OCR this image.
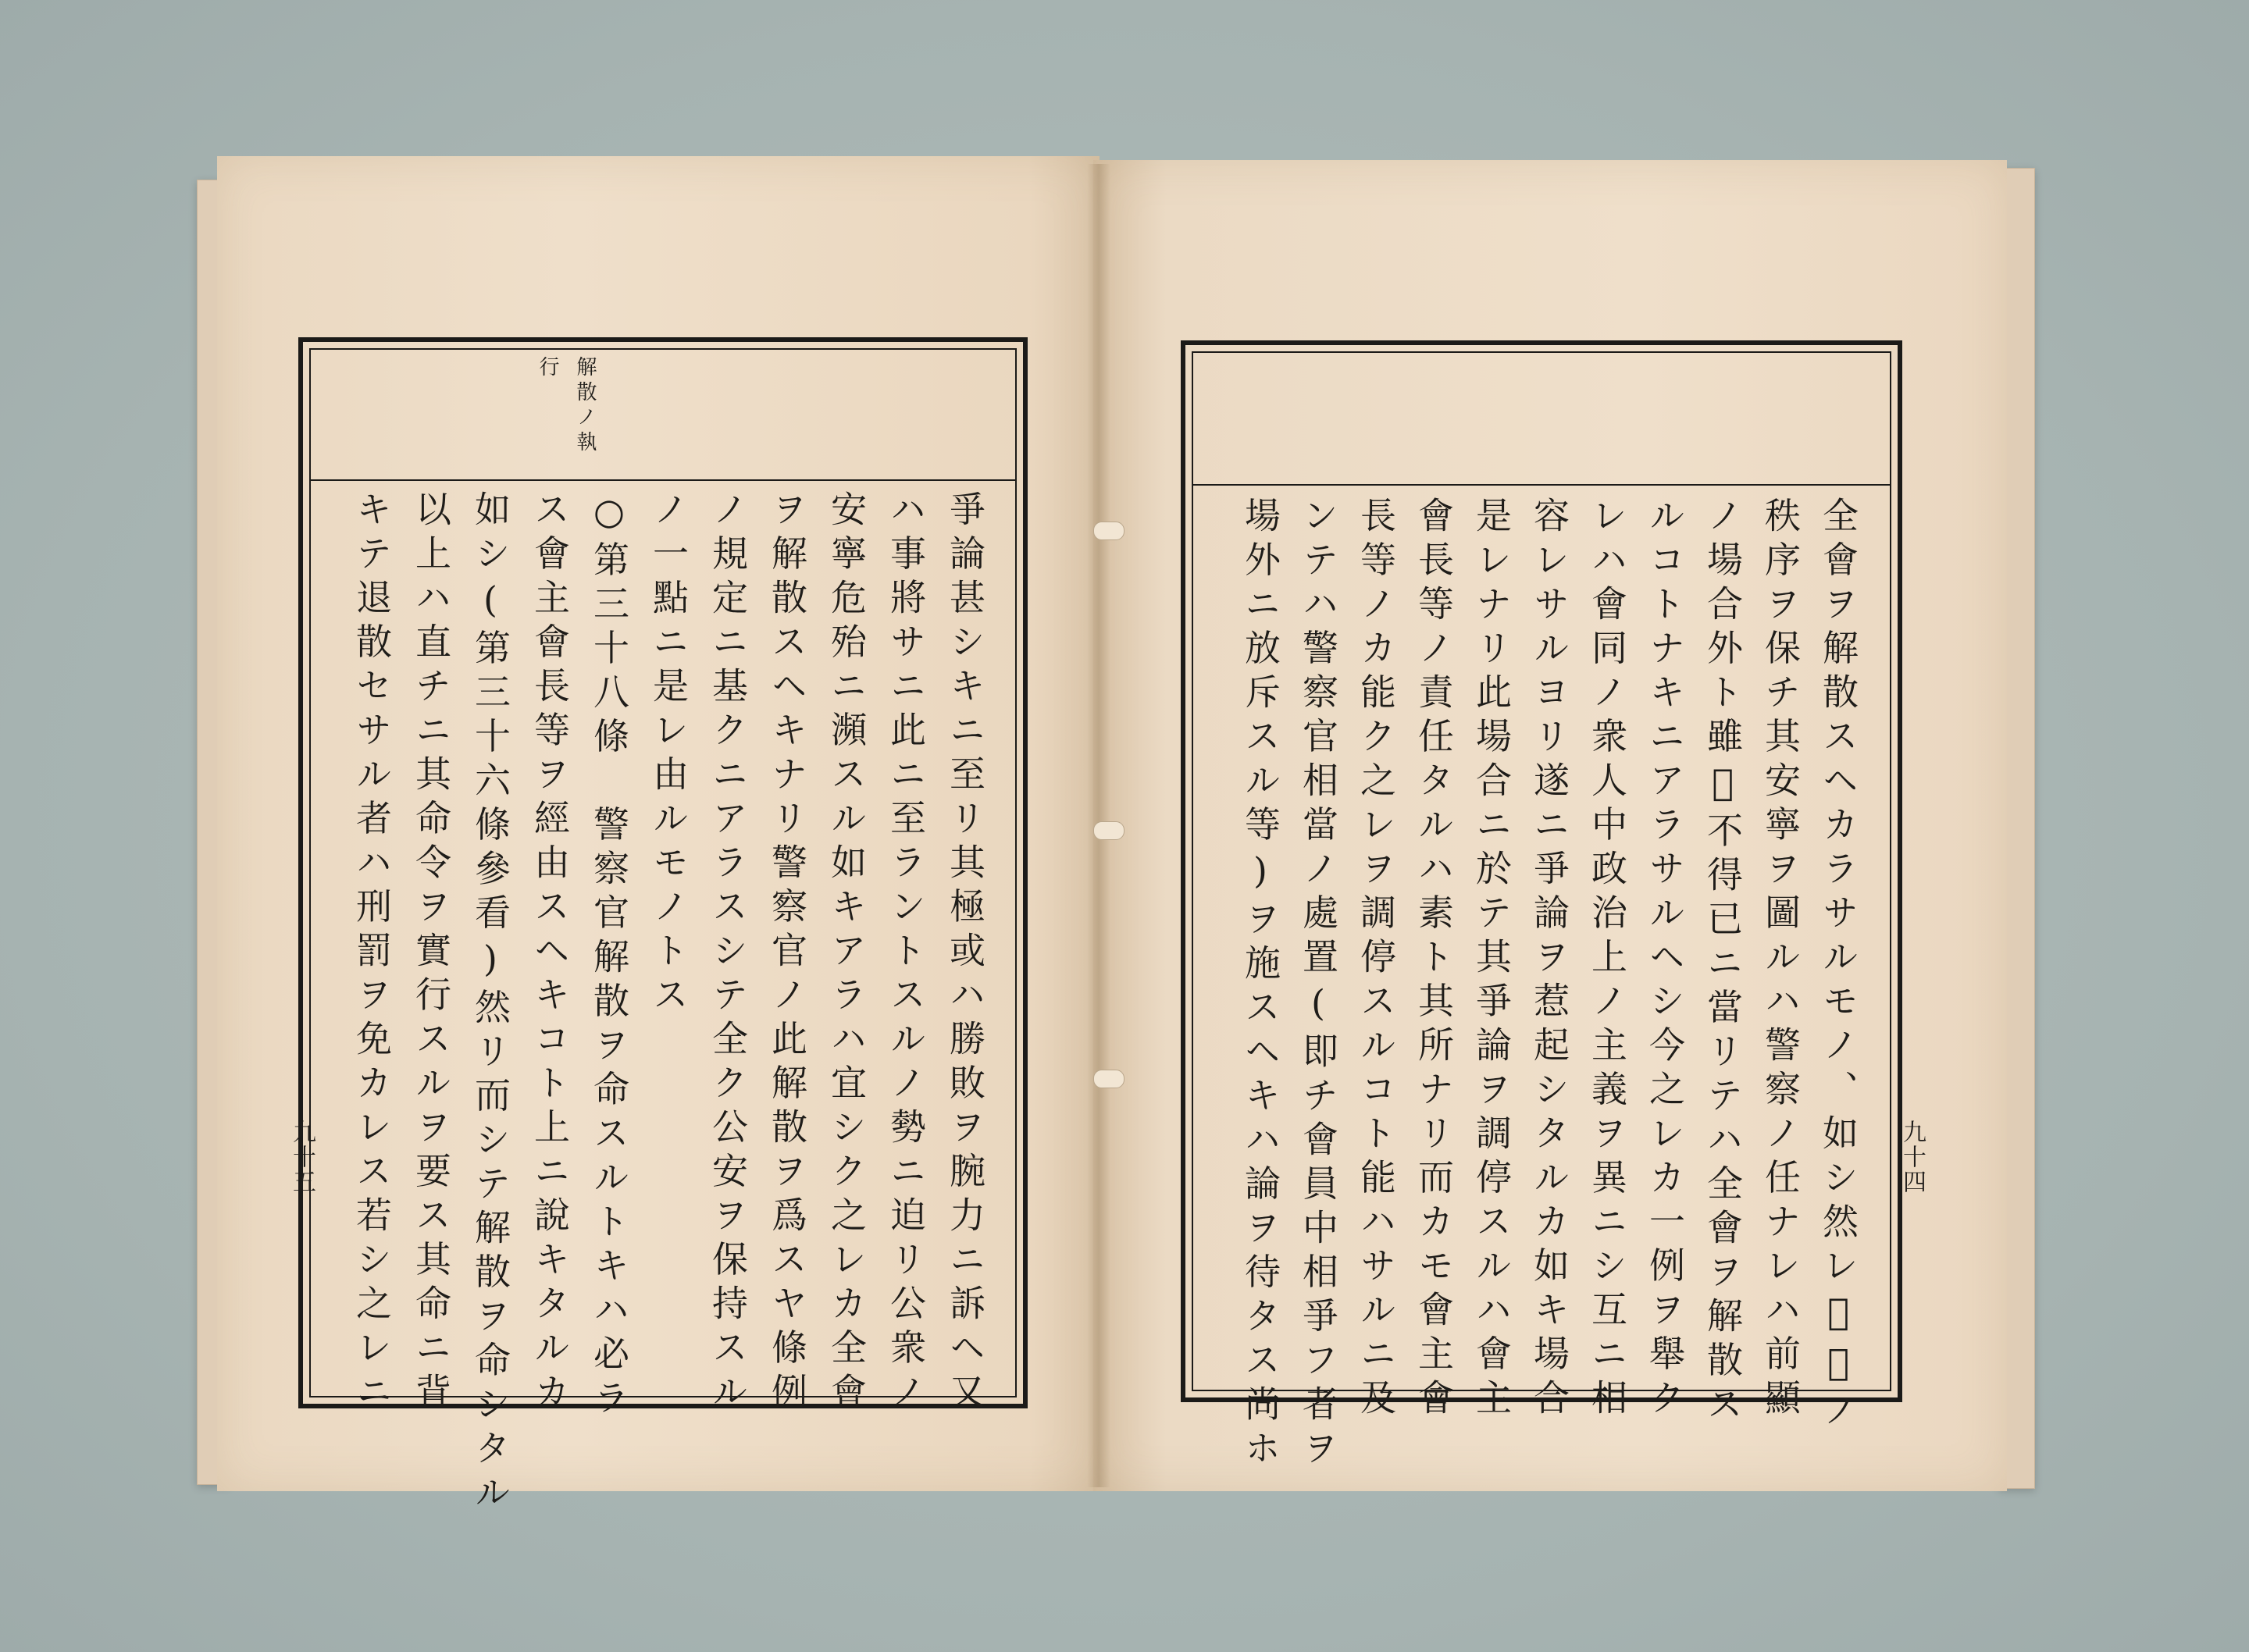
解散ノ執
行
爭論甚シキニ至リ其極或ハ勝敗ヲ腕力ニ訴ヘ又
ハ事將サニ此ニ至ラントスルノ勢ニ迫リ公衆ノ
安寧危殆ニ瀕スル如キアラハ宜シク之レカ全會
ヲ解散スヘキナリ警察官ノ此解散ヲ爲スヤ條例
ノ規定ニ基クニアラスシテ全ク公安ヲ保持スル
ノ一點ニ是レ由ルモノトス
○第三十八條　警察官解散ヲ命スルトキハ必ラ
ス會主會長等ヲ經由スヘキコト上ニ說キタルカ
如シ(第三十六條參看)然リ而シテ解散ヲ命シタル
以上ハ直チニ其命令ヲ實行スルヲ要ス其命ニ背
キテ退散セサル者ハ刑罰ヲ免カレス若シ之レニ
九十五	全會ヲ解散スヘカラサルモノ、如シ然レ𪜈世ノ
秩序ヲ保チ其安寧ヲ圖ルハ警察ノ任ナレハ前顯
ノ場合外ト雖𪜈不得已ニ當リテハ全會ヲ解散ス
ルコトナキニアラサルヘシ今之レカ一例ヲ舉ク
レハ會同ノ衆人中政治上ノ主義ヲ異ニシ互ニ相
容レサルヨリ遂ニ爭論ヲ惹起シタルカ如キ場合
是レナリ此場合ニ於テ其爭論ヲ調停スルハ會主
會長等ノ責任タルハ素ト其所ナリ而カモ會主會
長等ノカ能ク之レヲ調停スルコト能ハサルニ及
ンテハ警察官相當ノ處置(即チ會員中相爭フ者ヲ
場外ニ放斥スル等)ヲ施スヘキハ論ヲ待タス尚ホ	九十四
